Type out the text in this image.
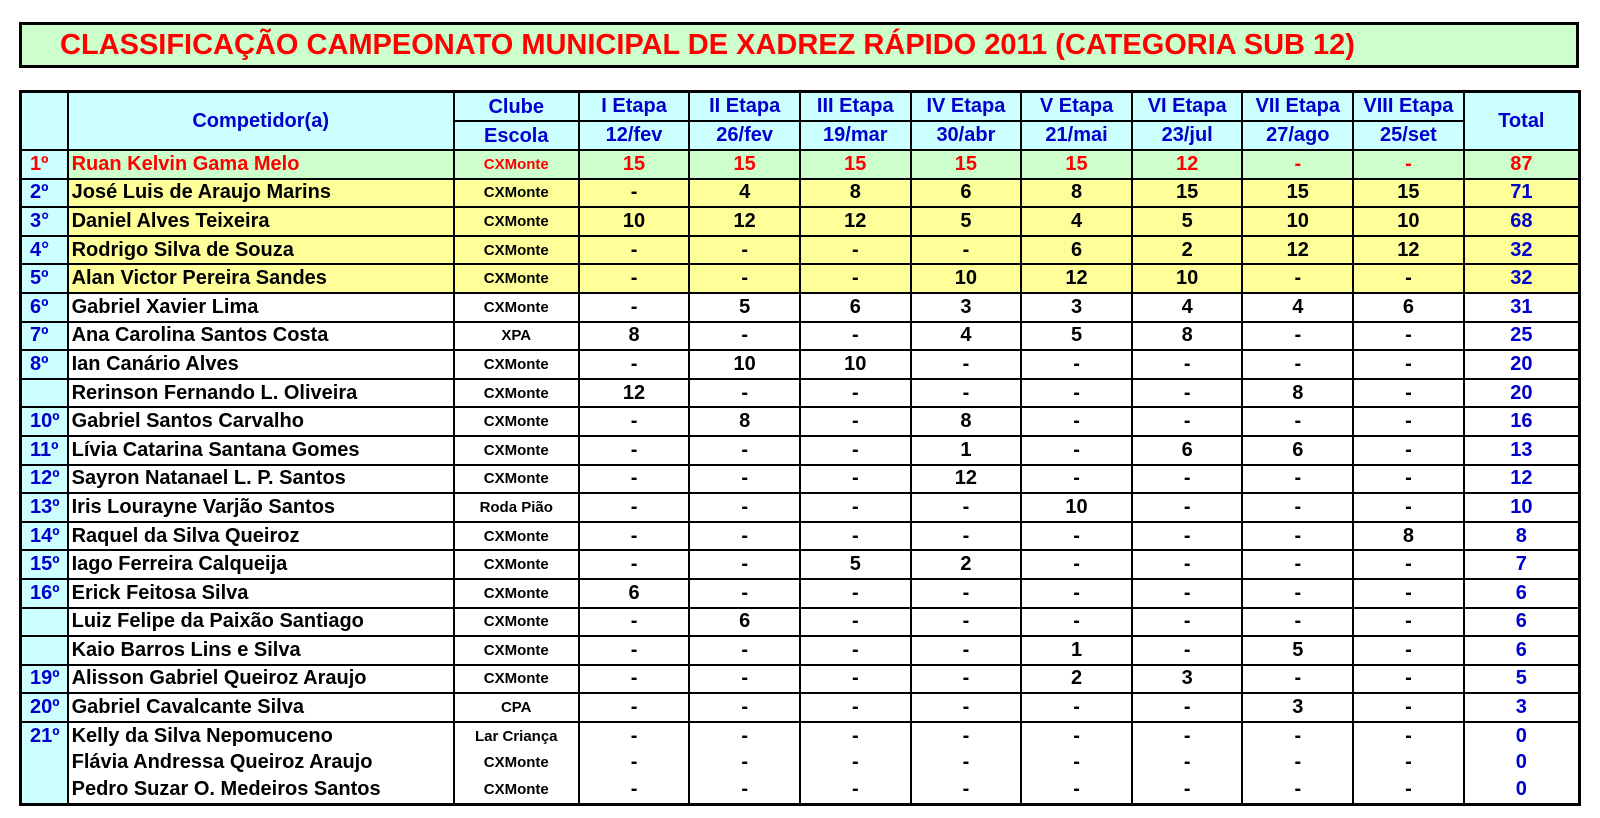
CLASSIFICAÇÃO CAMPEONATO MUNICIPAL DE XADREZ RÁPIDO 2011 (CATEGORIA SUB 12)
	Competidor(a)	Clube	I Etapa	II Etapa	III Etapa	IV Etapa	V Etapa	VI Etapa	VII Etapa	VIII Etapa	Total
		Escola	12/fev	26/fev	19/mar	30/abr	21/mai	23/jul	27/ago	25/set	
1º	Ruan Kelvin Gama Melo	CXMonte	15	15	15	15	15	12	-	-	87
2º	José Luis de Araujo Marins	CXMonte	-	4	8	6	8	15	15	15	71
3°	Daniel Alves Teixeira	CXMonte	10	12	12	5	4	5	10	10	68
4°	Rodrigo Silva de Souza	CXMonte	-	-	-	-	6	2	12	12	32
5º	Alan Victor Pereira Sandes	CXMonte	-	-	-	10	12	10	-	-	32
6º	Gabriel Xavier Lima	CXMonte	-	5	6	3	3	4	4	6	31
7º	Ana Carolina Santos Costa	XPA	8	-	-	4	5	8	-	-	25
8º	Ian Canário Alves	CXMonte	-	10	10	-	-	-	-	-	20
	Rerinson Fernando L. Oliveira	CXMonte	12	-	-	-	-	-	8	-	20
10º	Gabriel Santos Carvalho	CXMonte	-	8	-	8	-	-	-	-	16
11º	Lívia Catarina Santana Gomes	CXMonte	-	-	-	1	-	6	6	-	13
12º	Sayron Natanael L. P. Santos	CXMonte	-	-	-	12	-	-	-	-	12
13º	Iris Lourayne Varjão Santos	Roda Pião	-	-	-	-	10	-	-	-	10
14º	Raquel da Silva Queiroz	CXMonte	-	-	-	-	-	-	-	8	8
15º	Iago Ferreira Calqueija	CXMonte	-	-	5	2	-	-	-	-	7
16º	Erick Feitosa Silva	CXMonte	6	-	-	-	-	-	-	-	6
	Luiz Felipe da Paixão Santiago	CXMonte	-	6	-	-	-	-	-	-	6
	Kaio Barros Lins e Silva	CXMonte	-	-	-	-	1	-	5	-	6
19º	Alisson Gabriel Queiroz Araujo	CXMonte	-	-	-	-	2	3	-	-	5
20º	Gabriel Cavalcante Silva	CPA	-	-	-	-	-	-	3	-	3
21º	Kelly da Silva Nepomuceno	Lar Criança	-	-	-	-	-	-	-	-	0
	Flávia Andressa Queiroz Araujo	CXMonte	-	-	-	-	-	-	-	-	0
	Pedro Suzar O. Medeiros Santos	CXMonte	-	-	-	-	-	-	-	-	0
